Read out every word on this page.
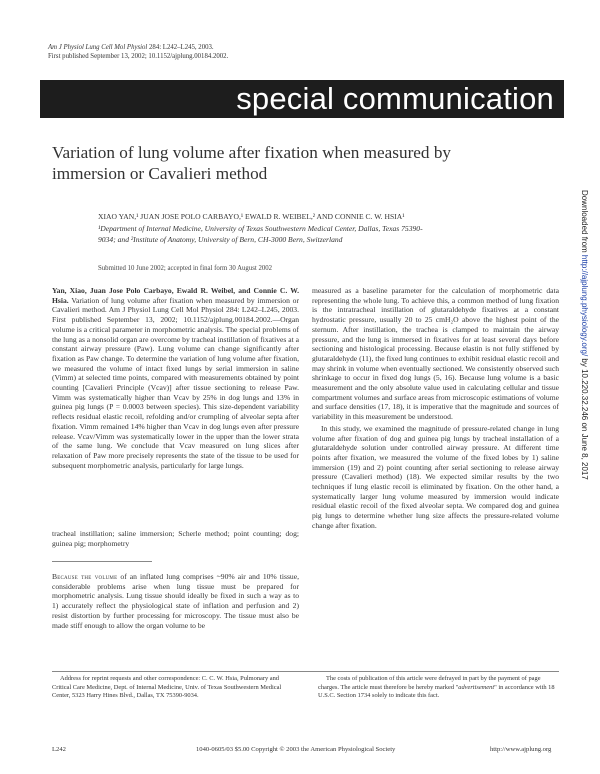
Am J Physiol Lung Cell Mol Physiol 284: L242–L245, 2003.
First published September 13, 2002; 10.1152/ajplung.00184.2002.
special communication
Variation of lung volume after fixation when measured by immersion or Cavalieri method
XIAO YAN,¹ JUAN JOSE POLO CARBAYO,¹ EWALD R. WEIBEL,² AND CONNIE C. W. HSIA¹
¹Department of Internal Medicine, University of Texas Southwestern Medical Center, Dallas, Texas 75390-9034; and ²Institute of Anatomy, University of Bern, CH-3000 Bern, Switzerland
Submitted 10 June 2002; accepted in final form 30 August 2002
Yan, Xiao, Juan Jose Polo Carbayo, Ewald R. Weibel, and Connie C. W. Hsia. Variation of lung volume after fixation when measured by immersion or Cavalieri method. Am J Physiol Lung Cell Mol Physiol 284: L242–L245, 2003. First published September 13, 2002; 10.1152/ajplung.00184.2002.—Organ volume is a critical parameter in morphometric analysis. The special problems of the lung as a nonsolid organ are overcome by tracheal instillation of fixatives at a constant airway pressure (Paw). Lung volume can change significantly after fixation as Paw change. To determine the variation of lung volume after fixation, we measured the volume of intact fixed lungs by serial immersion in saline (Vimm) at selected time points, compared with measurements obtained by point counting [Cavalieri Principle (Vcav)] after tissue sectioning to release Paw. Vimm was systematically higher than Vcav by 25% in dog lungs and 13% in guinea pig lungs (P = 0.0003 between species). This size-dependent variability reflects residual elastic recoil, refolding and/or crumpling of alveolar septa after fixation. Vimm remained 14% higher than Vcav in dog lungs even after pressure release. Vcav/Vimm was systematically lower in the upper than the lower strata of the same lung. We conclude that Vcav measured on lung slices after relaxation of Paw more precisely represents the state of the tissue to be used for subsequent morphometric analysis, particularly for large lungs.
tracheal instillation; saline immersion; Scherle method; point counting; dog; guinea pig; morphometry
Because the volume of an inflated lung comprises ~90% air and 10% tissue, considerable problems arise when lung tissue must be prepared for morphometric analysis. Lung tissue should ideally be fixed in such a way as to 1) accurately reflect the physiological state of inflation and perfusion and 2) resist distortion by further processing for microscopy. The tissue must also be made stiff enough to allow the organ volume to be
measured as a baseline parameter for the calculation of morphometric data representing the whole lung. To achieve this, a common method of lung fixation is the intratracheal instillation of glutaraldehyde fixatives at a constant hydrostatic pressure, usually 20 to 25 cmH₂O above the highest point of the sternum. After instillation, the trachea is clamped to maintain the airway pressure, and the lung is immersed in fixatives for at least several days before sectioning and histological processing. Because elastin is not fully stiffened by glutaraldehyde (11), the fixed lung continues to exhibit residual elastic recoil and may shrink in volume when eventually sectioned. We consistently observed such shrinkage to occur in fixed dog lungs (5, 16). Because lung volume is a basic measurement and the only absolute value used in calculating cellular and tissue compartment volumes and surface areas from microscopic estimations of volume and surface densities (17, 18), it is imperative that the magnitude and sources of variability in this measurement be understood.
In this study, we examined the magnitude of pressure-related change in lung volume after fixation of dog and guinea pig lungs by tracheal installation of a glutaraldehyde solution under controlled airway pressure. At different time points after fixation, we measured the volume of the fixed lobes by 1) saline immersion (19) and 2) point counting after serial sectioning to release airway pressure (Cavalieri method) (18). We expected similar results by the two techniques if lung elastic recoil is eliminated by fixation. On the other hand, a systematically larger lung volume measured by immersion would indicate residual elastic recoil of the fixed alveolar septa. We compared dog and guinea pig lungs to determine whether lung size affects the pressure-related volume change after fixation.
Address for reprint requests and other correspondence: C. C. W. Hsia, Pulmonary and Critical Care Medicine, Dept. of Internal Medicine, Univ. of Texas Southwestern Medical Center, 5323 Harry Hines Blvd., Dallas, TX 75390-9034.
The costs of publication of this article were defrayed in part by the payment of page charges. The article must therefore be hereby marked "advertisement" in accordance with 18 U.S.C. Section 1734 solely to indicate this fact.
L242	1040-0605/03 $5.00 Copyright © 2003 the American Physiological Society	http://www.ajplung.org
Downloaded from http://ajplung.physiology.org/ by 10.220.32.246 on June 8, 2017
